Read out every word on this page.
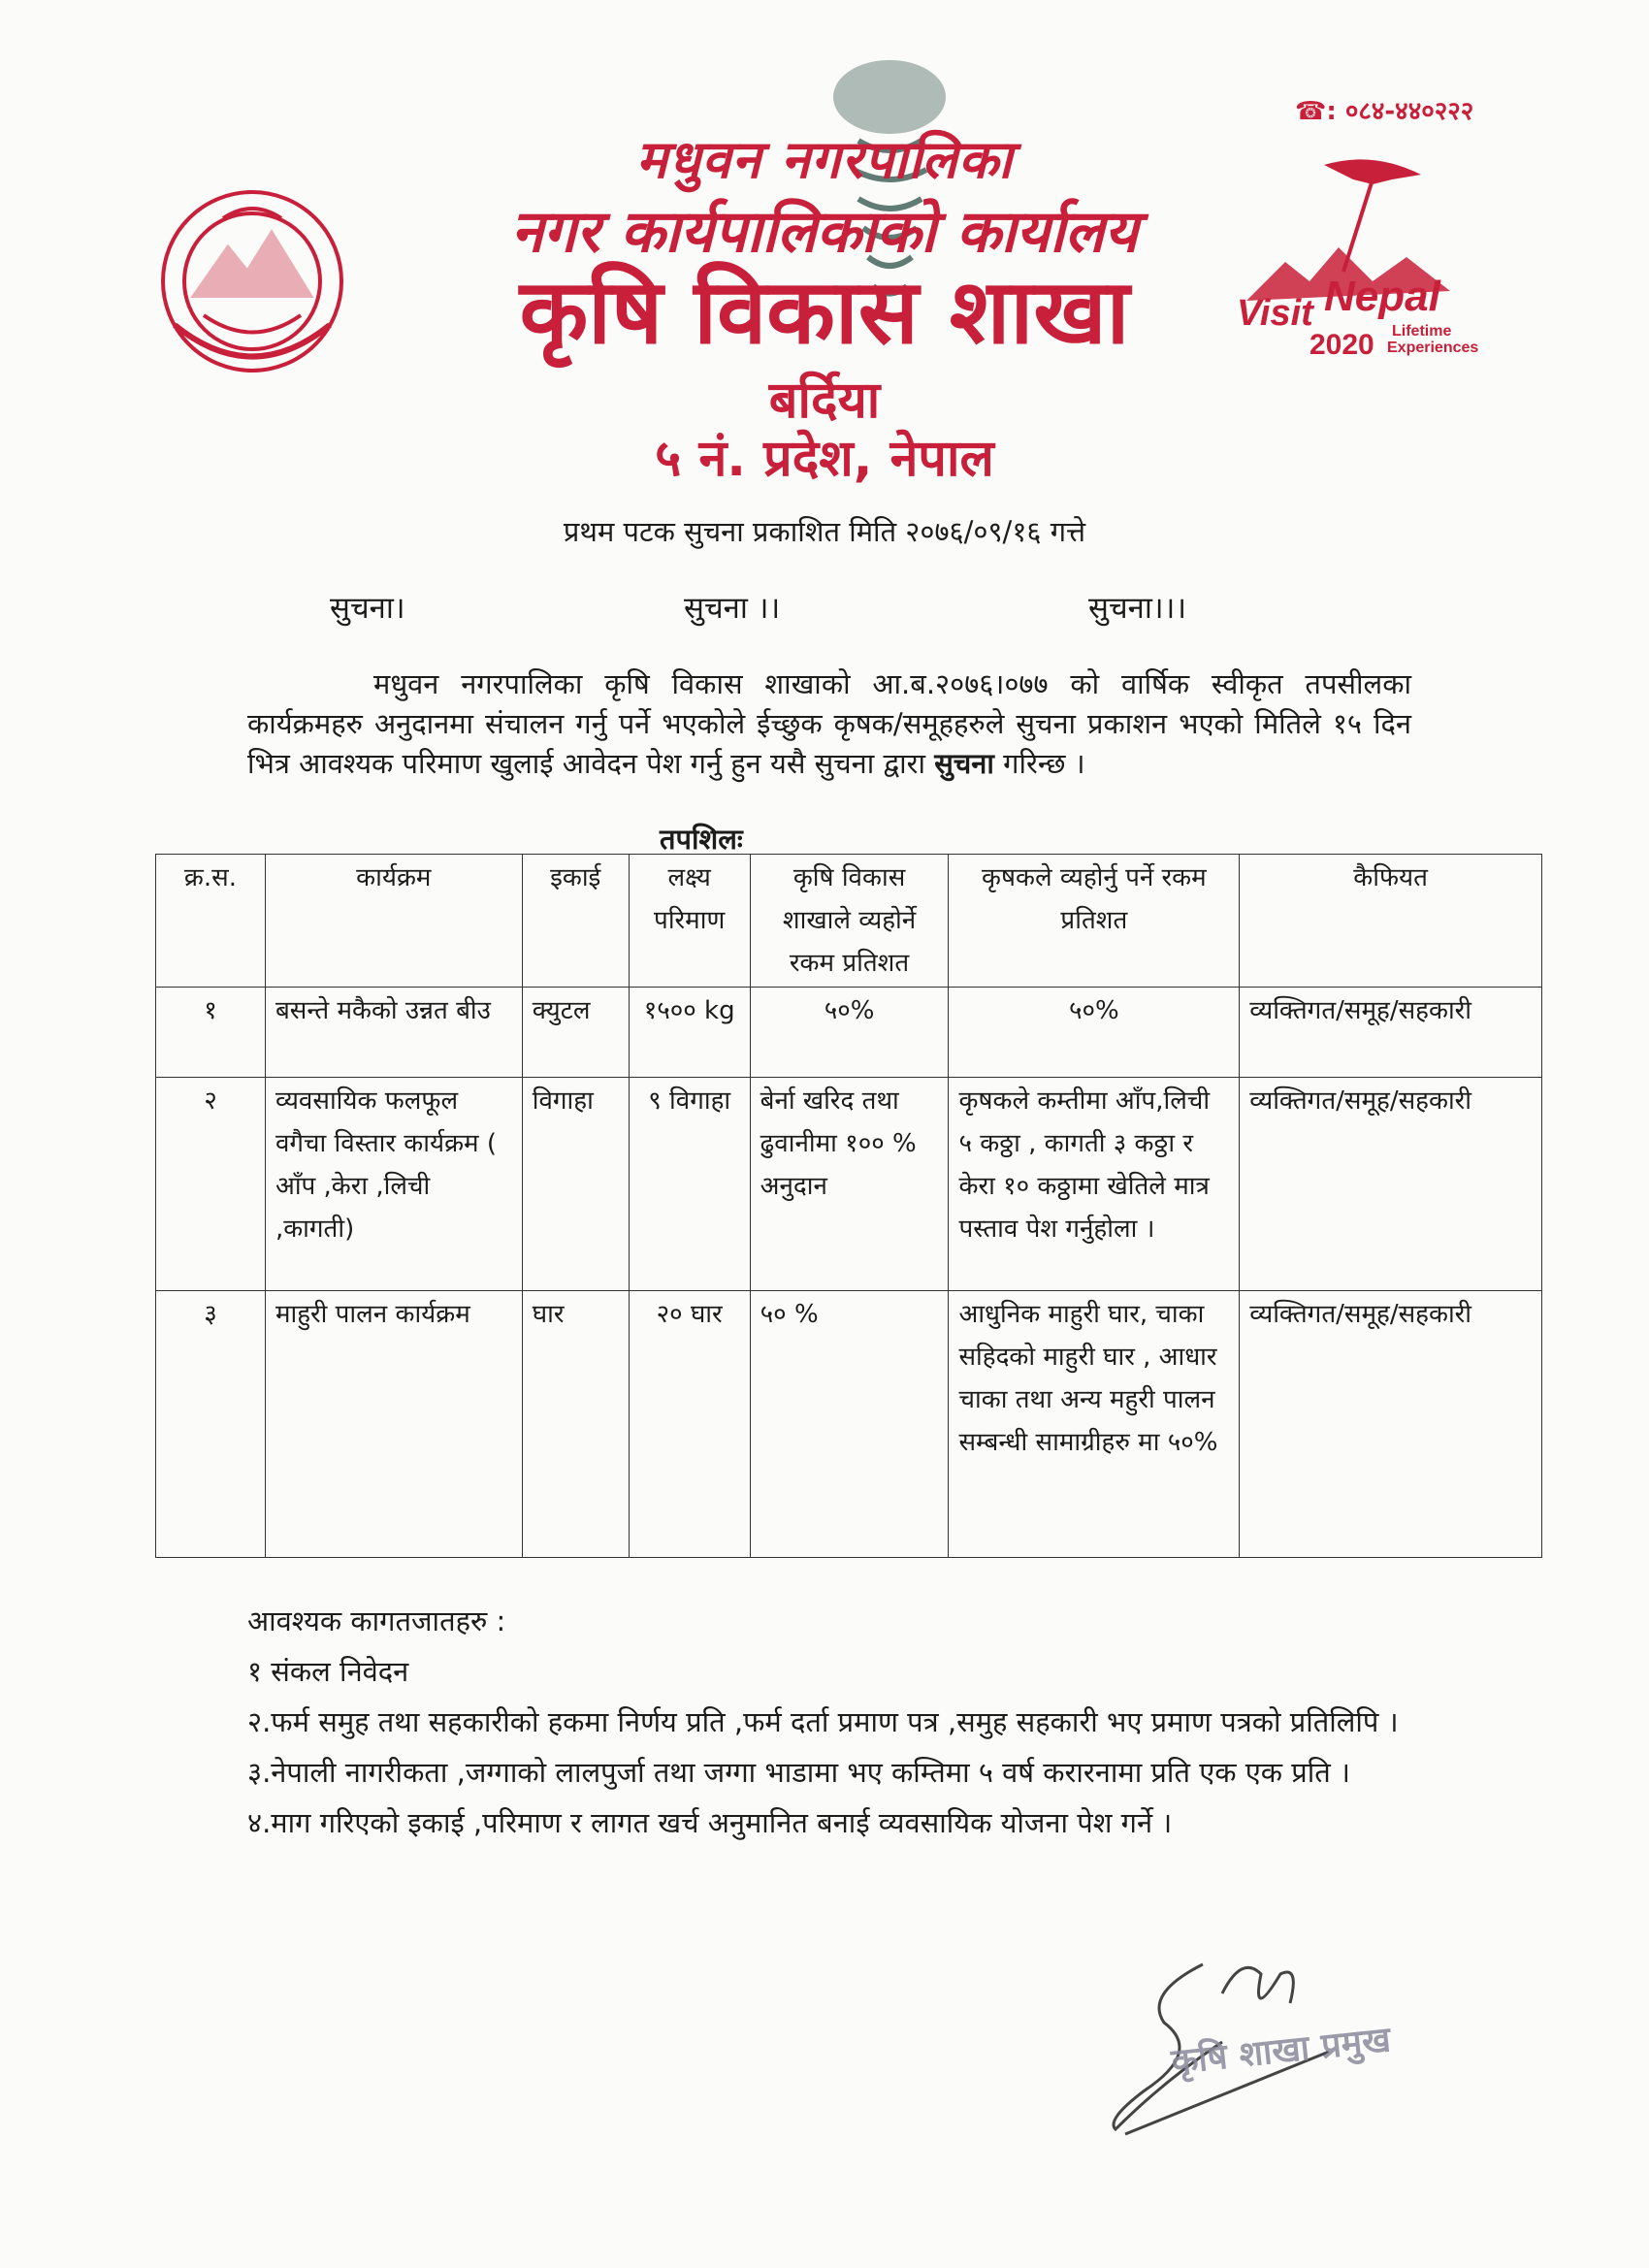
☎: ०८४-४४०२२२
Visit Nepal
2020 Lifetime
Experiences
मधुवन नगरपालिका
नगर कार्यपालिकाको कार्यालय
कृषि विकास शाखा
बर्दिया
५ नं. प्रदेश, नेपाल
प्रथम पटक सुचना प्रकाशित मिति २०७६/०९/१६ गत्ते
सुचना।	सुचना ।।	सुचना।।।
मधुवन नगरपालिका कृषि विकास शाखाको आ.ब.२०७६।०७७ को वार्षिक स्वीकृत तपसीलका कार्यक्रमहरु अनुदानमा संचालन गर्नु पर्ने भएकोले ईच्छुक कृषक/समूहहरुले सुचना प्रकाशन भएको मितिले १५ दिन भित्र आवश्यक परिमाण खुलाई आवेदन पेश गर्नु हुन यसै सुचना द्वारा सुचना गरिन्छ ।
तपशिलः
क्र.स.	कार्यक्रम	इकाई	लक्ष्य परिमाण	कृषि विकास शाखाले व्यहोर्ने रकम प्रतिशत	कृषकले व्यहोर्नु पर्ने रकम प्रतिशत	कैफियत
१	बसन्ते मकैको उन्नत बीउ	क्युटल	१५०० kg	५०%	५०%	व्यक्तिगत/समूह/सहकारी
२	व्यवसायिक फलफूल वगैचा विस्तार कार्यक्रम ( आँप ,केरा ,लिची ,कागती)	विगाहा	९ विगाहा	बेर्ना खरिद तथा ढुवानीमा १०० % अनुदान	कृषकले कम्तीमा आँप,लिची ५ कठ्ठा , कागती ३ कठ्ठा र केरा १० कठ्ठामा खेतिले मात्र पस्ताव पेश गर्नुहोला ।	व्यक्तिगत/समूह/सहकारी
३	माहुरी पालन कार्यक्रम	घार	२० घार	५० %	आधुनिक माहुरी घार, चाका सहिदको माहुरी घार , आधार चाका तथा अन्य महुरी पालन सम्बन्धी सामाग्रीहरु मा ५०%	व्यक्तिगत/समूह/सहकारी
आवश्यक कागतजातहरु :
१ संकल निवेदन
२.फर्म समुह तथा सहकारीको हकमा निर्णय प्रति ,फर्म दर्ता प्रमाण पत्र ,समुह सहकारी भए प्रमाण पत्रको प्रतिलिपि ।
३.नेपाली नागरीकता ,जग्गाको लालपुर्जा तथा जग्गा भाडामा भए कम्तिमा ५ वर्ष करारनामा प्रति एक एक प्रति ।
४.माग गरिएको इकाई ,परिमाण र लागत खर्च अनुमानित बनाई व्यवसायिक योजना पेश गर्ने ।
कृषि शाखा प्रमुख
